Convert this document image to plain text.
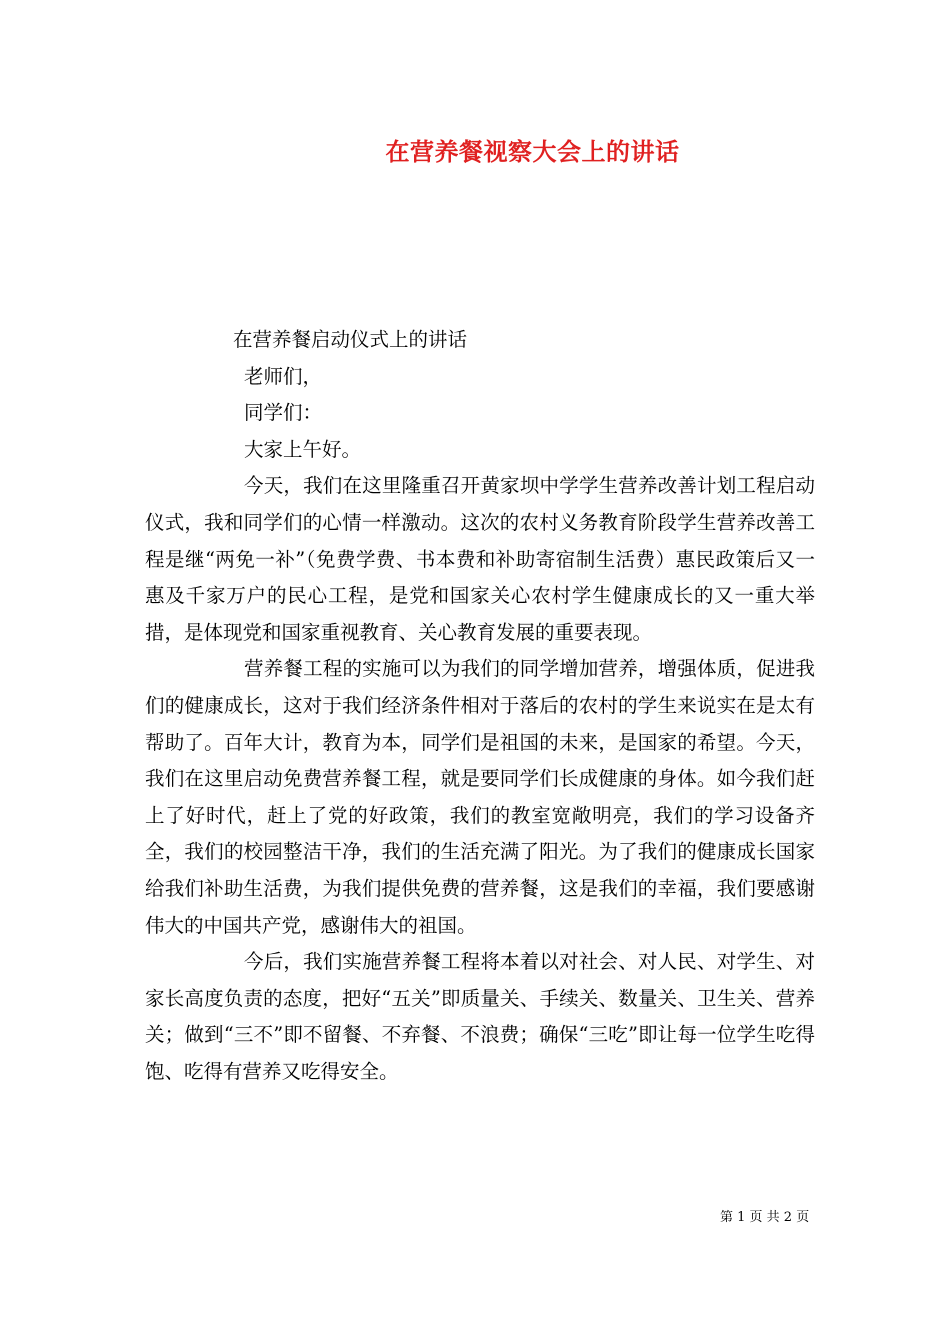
在营养餐视察大会上的讲话

在营养餐启动仪式上的讲话

老师们，

同学们：

大家上午好。

今天，我们在这里隆重召开黄家坝中学学生营养改善计划工程启动仪式，我和同学们的心情一样激动。这次的农村义务教育阶段学生营养改善工程是继“两免一补”（免费学费、书本费和补助寄宿制生活费）惠民政策后又一惠及千家万户的民心工程，是党和国家关心农村学生健康成长的又一重大举措，是体现党和国家重视教育、关心教育发展的重要表现。

营养餐工程的实施可以为我们的同学增加营养，增强体质，促进我们的健康成长，这对于我们经济条件相对于落后的农村的学生来说实在是太有帮助了。百年大计，教育为本，同学们是祖国的未来，是国家的希望。今天，我们在这里启动免费营养餐工程，就是要同学们长成健康的身体。如今我们赶上了好时代，赶上了党的好政策，我们的教室宽敞明亮，我们的学习设备齐全，我们的校园整洁干净，我们的生活充满了阳光。为了我们的健康成长国家给我们补助生活费，为我们提供免费的营养餐，这是我们的幸福，我们要感谢伟大的中国共产党，感谢伟大的祖国。

今后，我们实施营养餐工程将本着以对社会、对人民、对学生、对家长高度负责的态度，把好“五关”即质量关、手续关、数量关、卫生关、营养关；做到“三不”即不留餐、不弃餐、不浪费；确保“三吃”即让每一位学生吃得饱、吃得有营养又吃得安全。

第 1 页 共 2 页
